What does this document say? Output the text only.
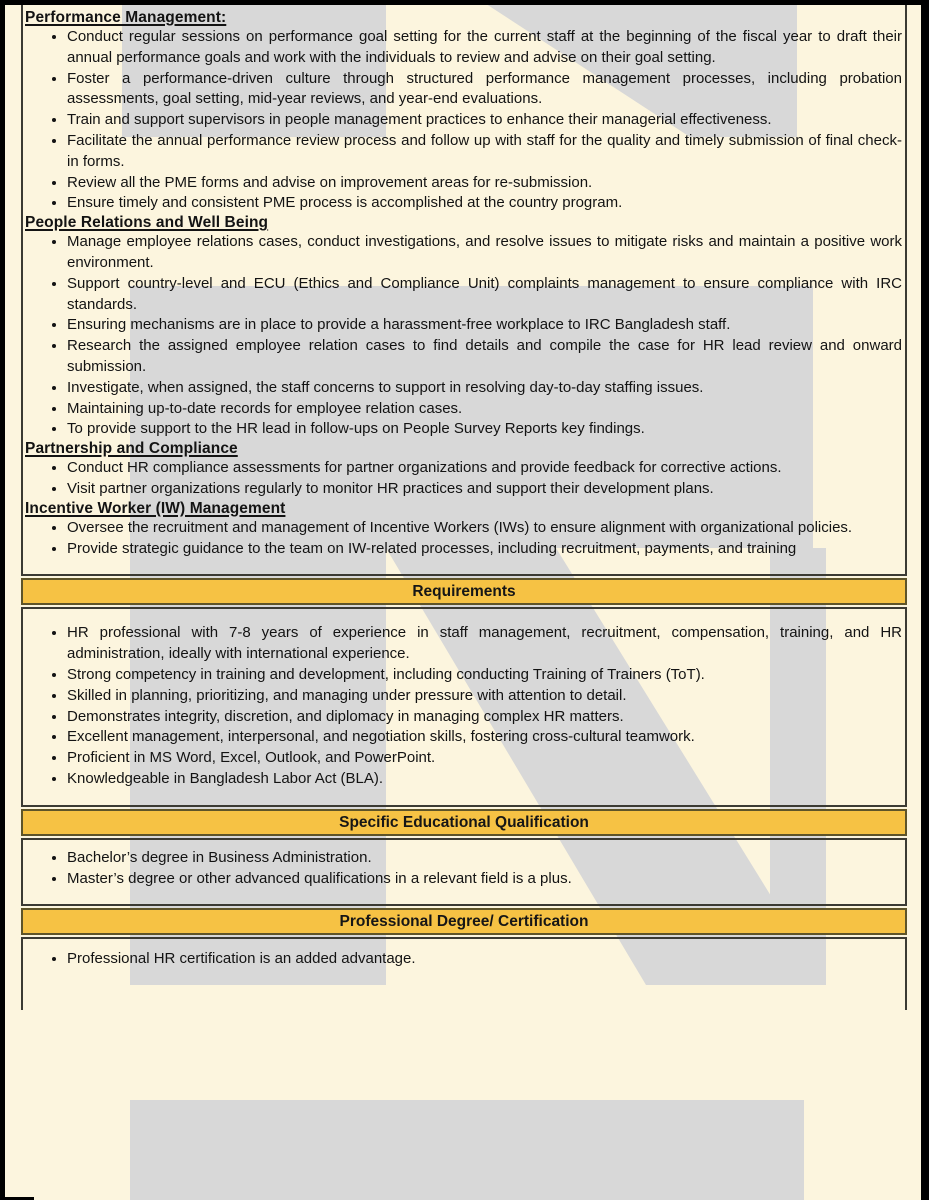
Performance Management:
• Conduct regular sessions on performance goal setting for the current staff at the beginning of the fiscal year to draft their annual performance goals and work with the individuals to review and advise on their goal setting.
• Foster a performance-driven culture through structured performance management processes, including probation assessments, goal setting, mid-year reviews, and year-end evaluations.
• Train and support supervisors in people management practices to enhance their managerial effectiveness.
• Facilitate the annual performance review process and follow up with staff for the quality and timely submission of final check-in forms.
• Review all the PME forms and advise on improvement areas for re-submission.
• Ensure timely and consistent PME process is accomplished at the country program.
People Relations and Well Being
• Manage employee relations cases, conduct investigations, and resolve issues to mitigate risks and maintain a positive work environment.
• Support country-level and ECU (Ethics and Compliance Unit) complaints management to ensure compliance with IRC standards.
• Ensuring mechanisms are in place to provide a harassment-free workplace to IRC Bangladesh staff.
• Research the assigned employee relation cases to find details and compile the case for HR lead review and onward submission.
• Investigate, when assigned, the staff concerns to support in resolving day-to-day staffing issues.
• Maintaining up-to-date records for employee relation cases.
• To provide support to the HR lead in follow-ups on People Survey Reports key findings.
Partnership and Compliance
• Conduct HR compliance assessments for partner organizations and provide feedback for corrective actions.
• Visit partner organizations regularly to monitor HR practices and support their development plans.
Incentive Worker (IW) Management
• Oversee the recruitment and management of Incentive Workers (IWs) to ensure alignment with organizational policies.
• Provide strategic guidance to the team on IW-related processes, including recruitment, payments, and training
Requirements
• HR professional with 7-8 years of experience in staff management, recruitment, compensation, training, and HR administration, ideally with international experience.
• Strong competency in training and development, including conducting Training of Trainers (ToT).
• Skilled in planning, prioritizing, and managing under pressure with attention to detail.
• Demonstrates integrity, discretion, and diplomacy in managing complex HR matters.
• Excellent management, interpersonal, and negotiation skills, fostering cross-cultural teamwork.
• Proficient in MS Word, Excel, Outlook, and PowerPoint.
• Knowledgeable in Bangladesh Labor Act (BLA).
Specific Educational Qualification
• Bachelor’s degree in Business Administration.
• Master’s degree or other advanced qualifications in a relevant field is a plus.
Professional Degree/ Certification
• Professional HR certification is an added advantage.
